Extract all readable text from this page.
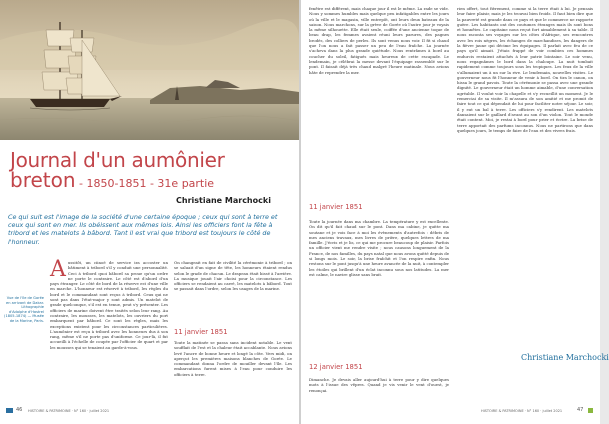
Journal d'un aumônier
breton - 1850-1851 - 31e partie
Christiane Marchocki
Ce qui suit est l'image de la société d'une certaine époque ; ceux qui sont à terre et ceux qui sont en mer. Ils obéissent aux mêmes lois. Ainsi les officiers font la fête à tribord et les matelots à bâbord. Tant il est vrai que tribord est toujours le côté de l'honneur.
Vue de l'île de Gorée en arrivant de Dakar. Lithographie d'Adolphe d'Hastrel (1805-1874) — Musée de la Marine, Paris.
Aussitôt, un ciinoë de service ira accoster un bâtiment à tribord s'il y conduit une personnalité. Ceci à tribord quoi bâbord sa proue qu'un ordre ne porte le contraire. Le côté est d'abord d'un pays étranger. Le côté de bord de la réserve est d'une ville en marche. L'honneur est réservé à tribord, les règles du bord et le commandant sont reçus à tribord. Ceux qui ne sont pas dans l'état-major y sont admis. Un matelot de grade quelconque, s'il est en tenue, peut s'y présenter. Les officiers de marine doivent être traités selon leur rang. Au contraire, les mousses, les matelots, les ouvriers du port embarquent par bâbord. Ce sont les règles, mais les exceptions existent pour les circonstances particulières. L'aumônier est reçu à tribord avec les honneurs dus à son rang, même s'il ne porte pas d'uniforme. Ce jour-là, il fut accueilli à l'échelle de coupée par l'officier de quart et par les mousses qui se tenaient au garde-à-vous.
On changeait en fait de civilité la cérémonie à tribord ; on se saluait d'un signe de tête, les honneurs étaient rendus selon le grade de chacun. Le drapeau était hissé à l'arrière. La musique jouait l'air choisi pour la circonstance. Les officiers se rendaient au carré, les matelots à bâbord. Tout se passait dans l'ordre, selon les usages de la marine.
11 janvier 1851
Toute la matinée se passa sans incident notable. Le vent soufflait de l'est et la chaleur était accablante. Nous avions levé l'ancre de bonne heure et longé la côte. Vers midi, on aperçut les premières maisons blanches de Gorée. Le commandant donna l'ordre de mouiller devant l'île. Les embarcations furent mises à l'eau pour conduire les officiers à terre.
46 HISTOIRE & PATRIMOINE · N° 160 · juillet 2021
fenêtre est différent, mais chaque jour il est le même. La rade se vide. Nous y sommes humbles mais quelque peu infatigables entre les jours où la ville et le magasin, ville entrepôt, ont leurs deux bateaux de la saison. Nous marchons, sur la grève de Gorée où l'autre jour je voyais la même silhouette. Elle était seule, coiffée d'une ancienne toque de beau drap, les femmes avaient réuni leurs parures, des pagnes brodés, des colliers de perles. Ils sont venus nous voir. Il fit si chaud que l'on nous a fait passer un peu de l'eau fraîche. La journée s'acheva dans la plus grande quiétude. Nous rentrâmes à bord au coucher du soleil, fatigués mais heureux de cette escapade. Le lendemain, je célébrai la messe devant l'équipage rassemblé sur le pont. Il faisait déjà très chaud malgré l'heure matinale. Nous avions hâte de reprendre la mer.
11 janvier 1851
Toute la journée dans ma chambre. La température y est excellente. On dit qu'il fait chaud sur le pont. Dans ma cabine, je quitte ma soutane et je vois face à moi les évènements d'autrefois : débris de mes anciens travaux, mes livres de prière, quelques lettres de ma famille. J'écris et je lis, ce qui me procure beaucoup de plaisir. Parfois un officier vient me rendre visite ; nous causons longuement de la France, de nos familles, du pays natal que nous avons quitté depuis de si longs mois. Le soir, la brise fraîchit et l'on respire enfin. Nous restons sur le pont jusqu'à une heure avancée de la nuit, à contempler les étoiles qui brillent d'un éclat inconnu sous nos latitudes. La mer est calme, le navire glisse sans bruit.
12 janvier 1851
Dimanche. Je devais aller aujourd'hui à terre pour y dire quelques mots à l'issue des vêpres. Quand je vis venir le vent d'ouest, je renonçai.
rien offert, tout fièrement, comme si la terre était à lui. Je pensais leur faire plaisir, mais je les trouvai bien froids. Il faut bien dire que la pauvreté est grande dans ce pays et que le commerce ne rapporte guère. Les habitants ont des coutumes étranges mais ils sont bons et honnêtes. Le capitaine nous reçut fort aimablement à sa table. Il nous raconta ses voyages sur les côtes d'Afrique, ses rencontres avec les rois nègres, les échanges de marchandises, les dangers de la fièvre jaune qui décime les équipages. Il parlait avec feu de ce pays qu'il aimait. J'étais frappé de voir combien ces hommes endurcis restaient attachés à leur patrie lointaine. Le soir venu, nous regagnâmes le bord dans la chaloupe. La nuit tombait rapidement comme toujours sous les tropiques. Les feux de la ville s'allumaient un à un sur la rive. Le lendemain, nouvelles visites. Le gouverneur nous fit l'honneur de venir à bord. On tira le canon, on hissa le grand pavois. Toute la cérémonie se passa avec une grande dignité. Le gouverneur était un homme aimable, d'une conversation agréable. Il voulut voir la chapelle et s'y recueillit un moment. Je le remerciai de sa visite. Il m'assura de son amitié et me promit de faire tout ce qui dépendait de lui pour faciliter notre séjour. Le soir, il y eut un bal à terre. Les officiers s'y rendirent. Les matelots dansaient sur le gaillard d'avant au son d'un violon. Tout le monde était content. Moi, je restai à bord pour prier et écrire. La brise de terre apportait des parfums inconnus. Nous ne partirons que dans quelques jours, le temps de faire de l'eau et des vivres frais.
Christiane Marchocki
HISTOIRE & PATRIMOINE · N° 160 · juillet 2021	47
